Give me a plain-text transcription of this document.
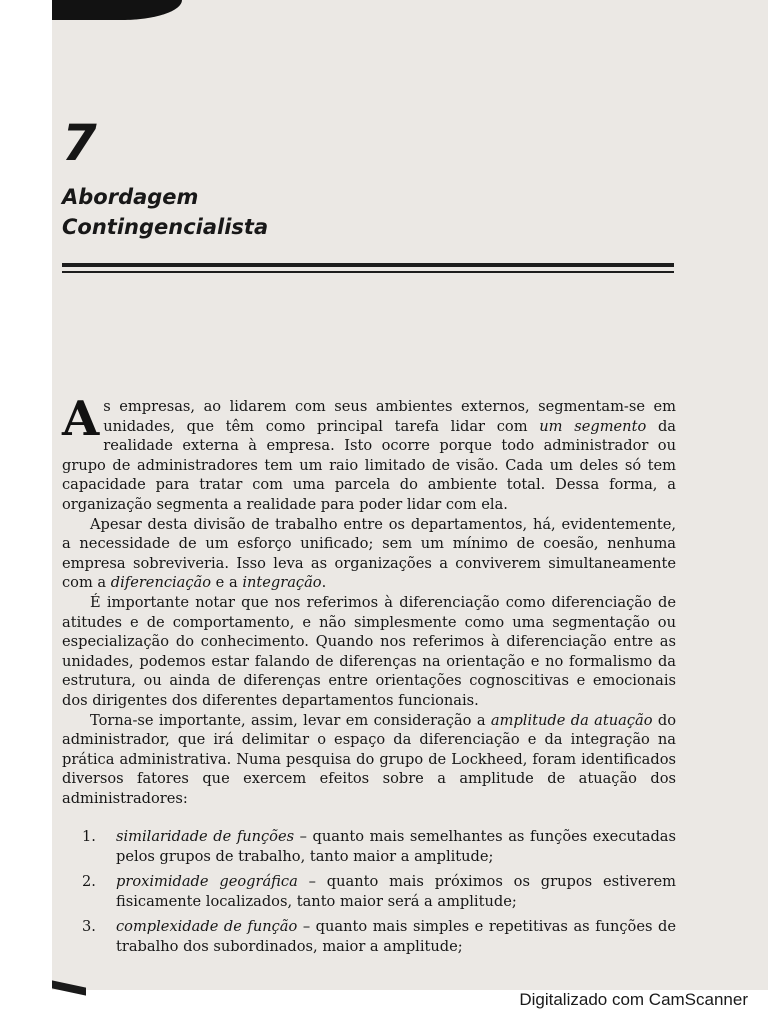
7
Abordagem
Contingencialista

As empresas, ao lidarem com seus ambientes externos, segmentam-se em unidades, que têm como principal tarefa lidar com um segmento da realidade externa à empresa. Isto ocorre porque todo administrador ou grupo de administradores tem um raio limitado de visão. Cada um deles só tem capacidade para tratar com uma parcela do ambiente total. Dessa forma, a organização segmenta a realidade para poder lidar com ela.

Apesar desta divisão de trabalho entre os departamentos, há, evidentemente, a necessidade de um esforço unificado; sem um mínimo de coesão, nenhuma empresa sobreviveria. Isso leva as organizações a conviverem simultaneamente com a diferenciação e a integração.

É importante notar que nos referimos à diferenciação como diferenciação de atitudes e de comportamento, e não simplesmente como uma segmentação ou especialização do conhecimento. Quando nos referimos à diferenciação entre as unidades, podemos estar falando de diferenças na orientação e no formalismo da estrutura, ou ainda de diferenças entre orientações cognoscitivas e emocionais dos dirigentes dos diferentes departamentos funcionais.

Torna-se importante, assim, levar em consideração a amplitude da atuação do administrador, que irá delimitar o espaço da diferenciação e da integração na prática administrativa. Numa pesquisa do grupo de Lockheed, foram identificados diversos fatores que exercem efeitos sobre a amplitude de atuação dos administradores:

1.	similaridade de funções – quanto mais semelhantes as funções executadas pelos grupos de trabalho, tanto maior a amplitude;
2.	proximidade geográfica – quanto mais próximos os grupos estiverem fisicamente localizados, tanto maior será a amplitude;
3.	complexidade de função – quanto mais simples e repetitivas as funções de trabalho dos subordinados, maior a amplitude;
Digitalizado com CamScanner
